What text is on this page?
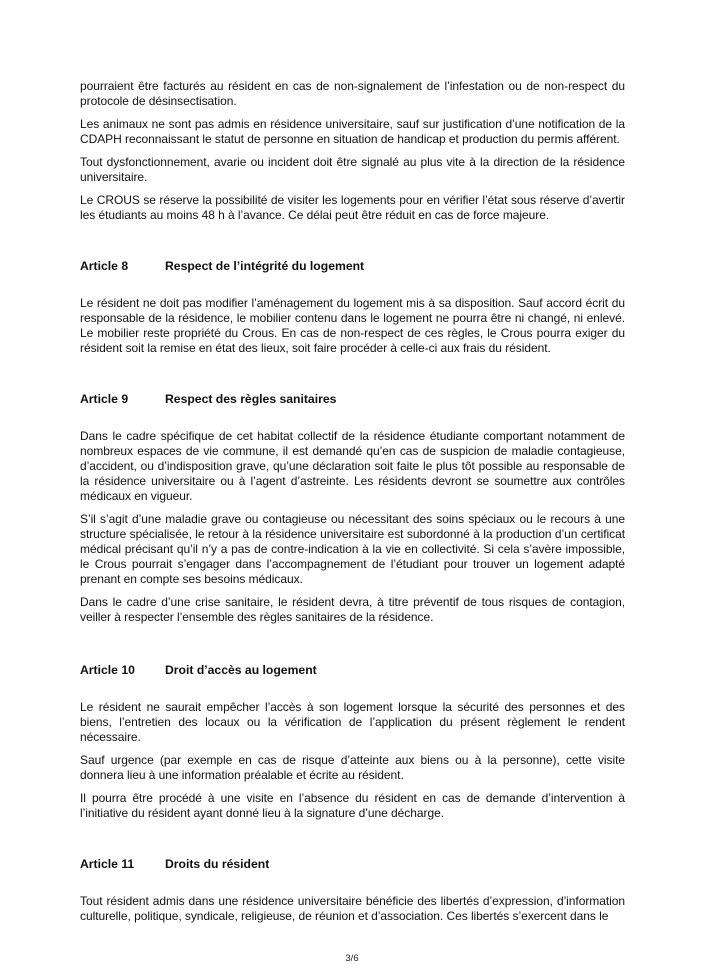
pourraient être facturés au résident en cas de non-signalement de l’infestation ou de non-respect du protocole de désinsectisation.

Les animaux ne sont pas admis en résidence universitaire, sauf sur justification d’une notification de la CDAPH reconnaissant le statut de personne en situation de handicap et production du permis afférent.

Tout dysfonctionnement, avarie ou incident doit être signalé au plus vite à la direction de la résidence universitaire.

Le CROUS se réserve la possibilité de visiter les logements pour en vérifier l’état sous réserve d’avertir les étudiants au moins 48 h à l’avance. Ce délai peut être réduit en cas de force majeure.

Article 8	Respect de l’intégrité du logement

Le résident ne doit pas modifier l’aménagement du logement mis à sa disposition. Sauf accord écrit du responsable de la résidence, le mobilier contenu dans le logement ne pourra être ni changé, ni enlevé. Le mobilier reste propriété du Crous. En cas de non-respect de ces règles, le Crous pourra exiger du résident soit la remise en état des lieux, soit faire procéder à celle-ci aux frais du résident.

Article 9	Respect des règles sanitaires

Dans le cadre spécifique de cet habitat collectif de la résidence étudiante comportant notamment de nombreux espaces de vie commune, il est demandé qu’en cas de suspicion de maladie contagieuse, d’accident, ou d’indisposition grave, qu’une déclaration soit faite le plus tôt possible au responsable de la résidence universitaire ou à l’agent d’astreinte. Les résidents devront se soumettre aux contrôles médicaux en vigueur.

S’il s’agit d’une maladie grave ou contagieuse ou nécessitant des soins spéciaux ou le recours à une structure spécialisée, le retour à la résidence universitaire est subordonné à la production d’un certificat médical précisant qu’il n’y a pas de contre-indication à la vie en collectivité. Si cela s’avère impossible, le Crous pourrait s’engager dans l’accompagnement de l’étudiant pour trouver un logement adapté prenant en compte ses besoins médicaux.

Dans le cadre d’une crise sanitaire, le résident devra, à titre préventif de tous risques de contagion, veiller à respecter l’ensemble des règles sanitaires de la résidence.

Article 10	Droit d’accès au logement

Le résident ne saurait empêcher l’accès à son logement lorsque la sécurité des personnes et des biens, l’entretien des locaux ou la vérification de l’application du présent règlement le rendent nécessaire.

Sauf urgence (par exemple en cas de risque d’atteinte aux biens ou à la personne), cette visite donnera lieu à une information préalable et écrite au résident.

Il pourra être procédé à une visite en l’absence du résident en cas de demande d’intervention à l’initiative du résident ayant donné lieu à la signature d’une décharge.

Article 11	Droits du résident

Tout résident admis dans une résidence universitaire bénéficie des libertés d’expression, d’information culturelle, politique, syndicale, religieuse, de réunion et d’association. Ces libertés s’exercent dans le

3/6
